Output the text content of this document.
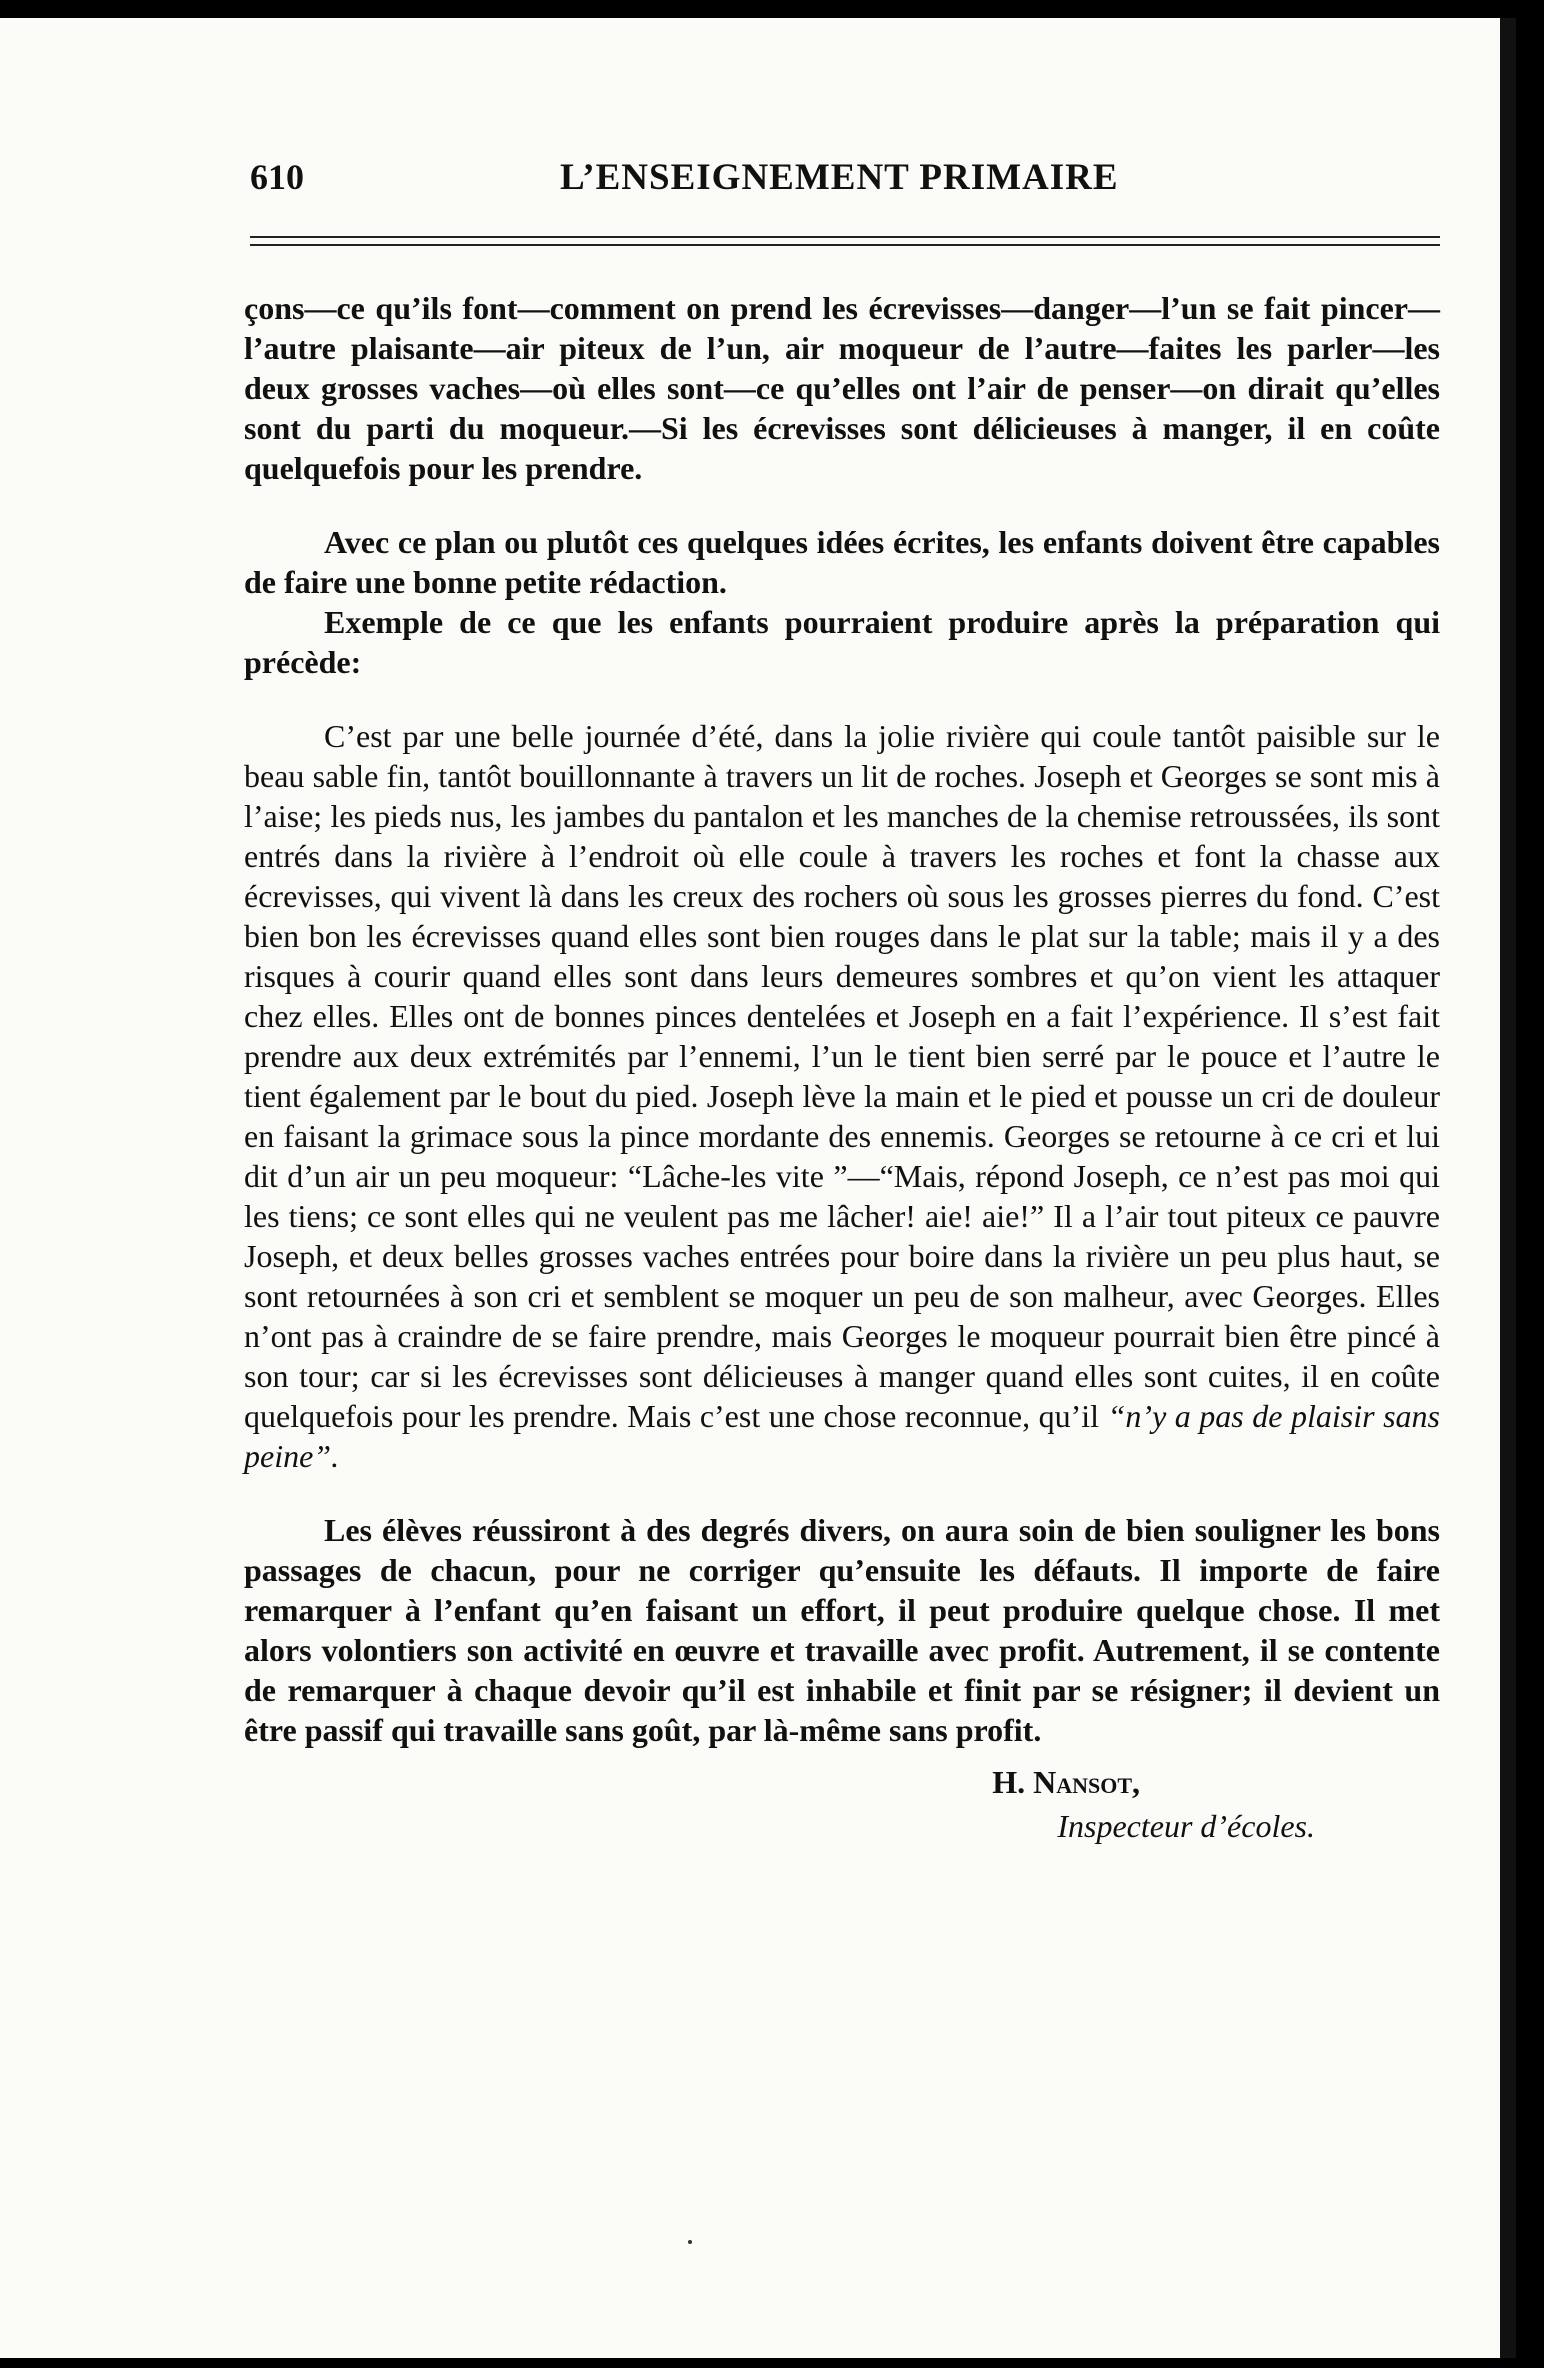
610	L’ENSEIGNEMENT PRIMAIRE

çons—ce qu’ils font—comment on prend les écrevisses—danger—l’un se fait pincer—l’autre plaisante—air piteux de l’un, air moqueur de l’autre—faites les parler—les deux grosses vaches—où elles sont—ce qu’elles ont l’air de penser—on dirait qu’elles sont du parti du moqueur.—Si les écrevisses sont délicieuses à manger, il en coûte quelquefois pour les prendre.

Avec ce plan ou plutôt ces quelques idées écrites, les enfants doivent être capables de faire une bonne petite rédaction.

Exemple de ce que les enfants pourraient produire après la préparation qui précède:

C’est par une belle journée d’été, dans la jolie rivière qui coule tantôt paisible sur le beau sable fin, tantôt bouillonnante à travers un lit de roches. Joseph et Georges se sont mis à l’aise; les pieds nus, les jambes du pantalon et les manches de la chemise retroussées, ils sont entrés dans la rivière à l’endroit où elle coule à travers les roches et font la chasse aux écrevisses, qui vivent là dans les creux des rochers où sous les grosses pierres du fond. C’est bien bon les écrevisses quand elles sont bien rouges dans le plat sur la table; mais il y a des risques à courir quand elles sont dans leurs demeures sombres et qu’on vient les attaquer chez elles. Elles ont de bonnes pinces dentelées et Joseph en a fait l’expérience. Il s’est fait prendre aux deux extrémités par l’ennemi, l’un le tient bien serré par le pouce et l’autre le tient également par le bout du pied. Joseph lève la main et le pied et pousse un cri de douleur en faisant la grimace sous la pince mordante des ennemis. Georges se retourne à ce cri et lui dit d’un air un peu moqueur: “Lâche-les vite ”—“Mais, répond Joseph, ce n’est pas moi qui les tiens; ce sont elles qui ne veulent pas me lâcher! aie! aie!” Il a l’air tout piteux ce pauvre Joseph, et deux belles grosses vaches entrées pour boire dans la rivière un peu plus haut, se sont retournées à son cri et semblent se moquer un peu de son malheur, avec Georges. Elles n’ont pas à craindre de se faire prendre, mais Georges le moqueur pourrait bien être pincé à son tour; car si les écrevisses sont délicieuses à manger quand elles sont cuites, il en coûte quelquefois pour les prendre. Mais c’est une chose reconnue, qu’il “n’y a pas de plaisir sans peine”.

Les élèves réussiront à des degrés divers, on aura soin de bien souligner les bons passages de chacun, pour ne corriger qu’ensuite les défauts. Il importe de faire remarquer à l’enfant qu’en faisant un effort, il peut produire quelque chose. Il met alors volontiers son activité en œuvre et travaille avec profit. Autrement, il se contente de remarquer à chaque devoir qu’il est inhabile et finit par se résigner; il devient un être passif qui travaille sans goût, par là-même sans profit.

H. Nansot,
Inspecteur d’écoles.
